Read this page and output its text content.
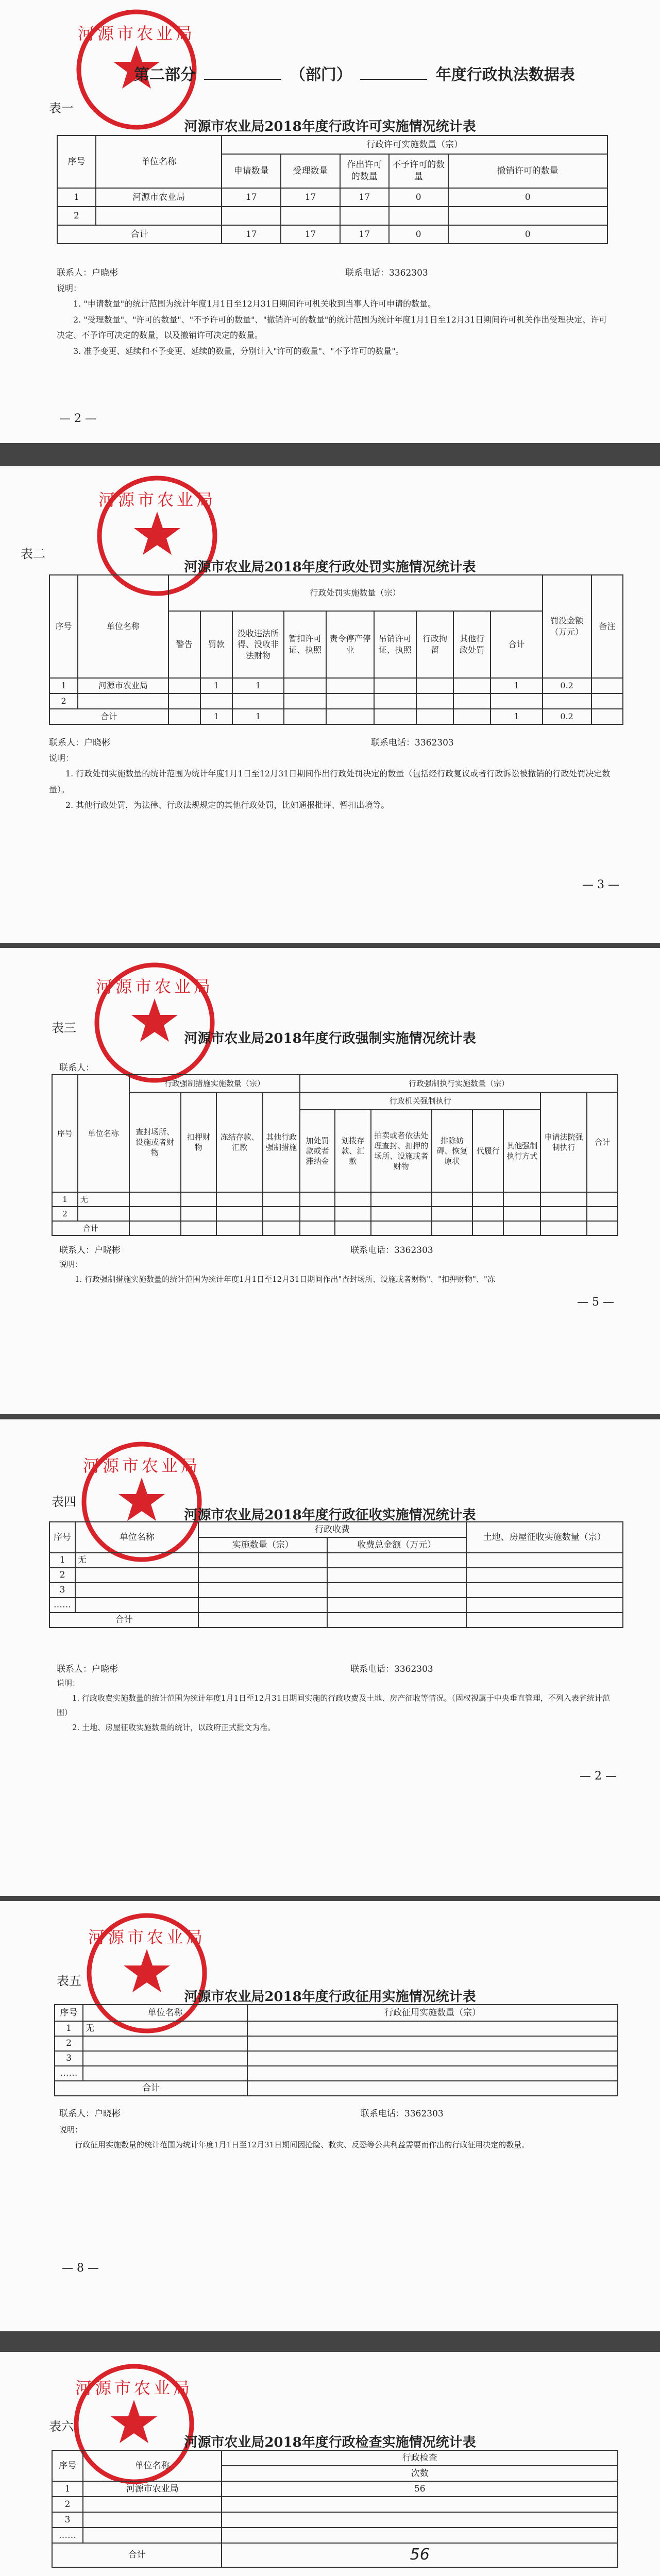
河源市农业局
第二部分	（部门）	年度行政执法数据表
表一
河源市农业局2018年度行政许可实施情况统计表
序号	单位名称	行政许可实施数量（宗）				
		申请数量	受理数量	作出许可的数量	不予许可的数量	撤销许可的数量
1	河源市农业局	17	17	17	0	0
2						
合计		17	17	17	0	0
联系人：户晓彬	联系电话：3362303

说明：

1. "申请数量"的统计范围为统计年度1月1日至12月31日期间许可机关收到当事人许可申请的数量。

2. "受理数量"、"许可的数量"、"不予许可的数量"、"撤销许可的数量"的统计范围为统计年度1月1日至12月31日期间许可机关作出受理决定、许可决定、不予许可决定的数量，以及撤销许可决定的数量。

3. 准予变更、延续和不予变更、延续的数量，分别计入"许可的数量"、"不予许可的数量"。

— 2 —
河源市农业局
表二
河源市农业局2018年度行政处罚实施情况统计表
序号	单位名称	行政处罚实施数量（宗）									罚没金额（万元）	备注
		警告	罚款	没收违法所得、没收非法财物	暂扣许可证、执照	责令停产停业	吊销许可证、执照	行政拘留	其他行政处罚	合计		
1	河源市农业局		1	1						1	0.2	
2												
合计			1	1						1	0.2	
联系人：户晓彬	联系电话：3362303

说明：

1. 行政处罚实施数量的统计范围为统计年度1月1日至12月31日期间作出行政处罚决定的数量（包括经行政复议或者行政诉讼被撤销的行政处罚决定数量）。

2. 其他行政处罚，为法律、行政法规规定的其他行政处罚，比如通报批评、暂扣出境等。

— 3 —
河源市农业局
表三
河源市农业局2018年度行政强制实施情况统计表
联系人：
序号	单位名称	行政强制措施实施数量（宗）				行政强制执行实施数量（宗）							
		查封场所、设施或者财物	扣押财物	冻结存款、汇款	其他行政强制措施	行政机关强制执行						申请法院强制执行	合计
						加处罚款或者滞纳金	划拨存款、汇款	拍卖或者依法处理查封、扣押的场所、设施或者财物	排除妨碍、恢复原状	代履行	其他强制执行方式		
1	无												
2													
合计													
联系人：户晓彬	联系电话：3362303

说明：

1. 行政强制措施实施数量的统计范围为统计年度1月1日至12月31日期间作出"查封场所、设施或者财物"、"扣押财物"、"冻

— 5 —
河源市农业局
表四
河源市农业局2018年度行政征收实施情况统计表
序号	单位名称	行政收费		土地、房屋征收实施数量（宗）
		实施数量（宗）	收费总金额（万元）	
1	无			
2				
3				
……				
合计				
联系人：户晓彬	联系电话：3362303

说明：

1. 行政收费实施数量的统计范围为统计年度1月1日至12月31日期间实施的行政收费及土地、房产征收等情况。（固权视属于中央垂直管理，不列入表省统计范围）

2. 土地、房屋征收实施数量的统计，以政府正式批文为准。

— 2 —
河源市农业局
表五
河源市农业局2018年度行政征用实施情况统计表
序号	单位名称	行政征用实施数量（宗）
1	无	
2		
3		
……		
合计		
联系人：户晓彬	联系电话：3362303

说明：

行政征用实施数量的统计范围为统计年度1月1日至12月31日期间因抢险、救灾、反恐等公共利益需要而作出的行政征用决定的数量。

— 8 —
河源市农业局
表六
河源市农业局2018年度行政检查实施情况统计表
序号	单位名称	行政检查
		次数
1	河源市农业局	56
2		
3		
……		
合计		56
